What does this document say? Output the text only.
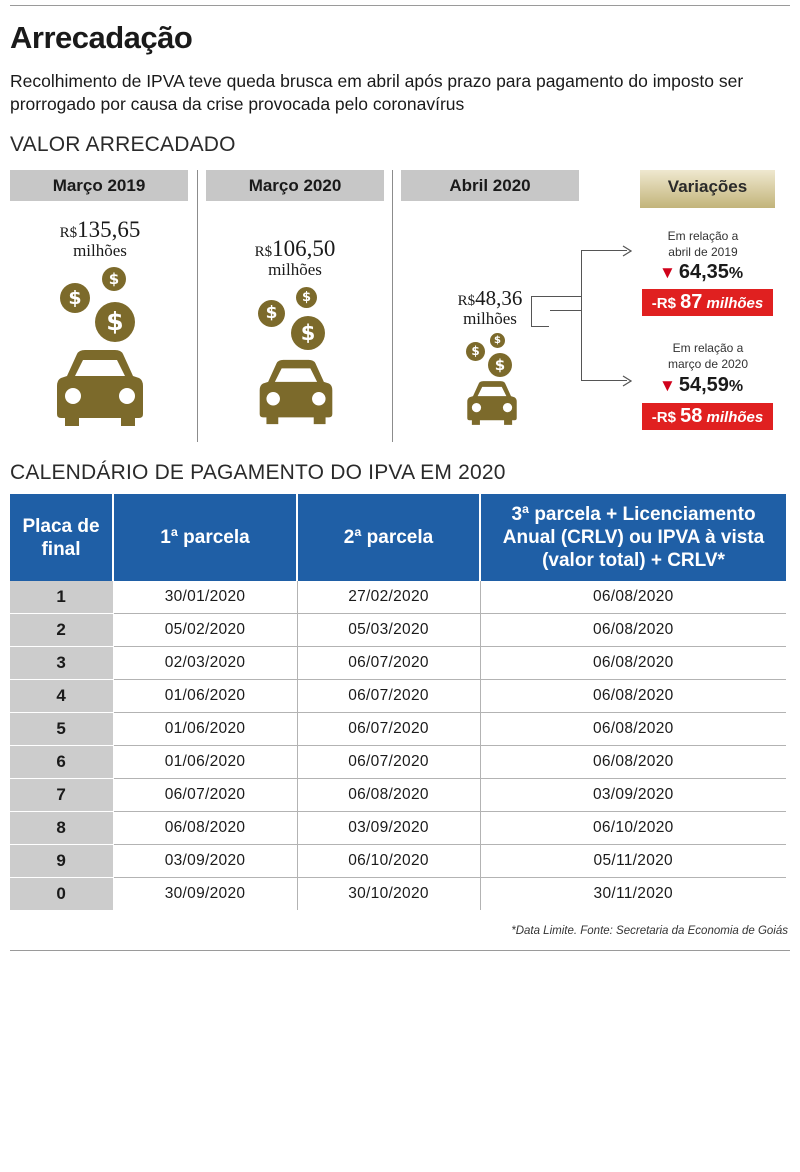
Arrecadação
Recolhimento de IPVA teve queda brusca em abril após prazo para pagamento do imposto ser prorrogado por causa da crise provocada pelo coronavírus
VALOR ARRECADADO
Março 2019	Março 2020	Abril 2020
R$135,65
milhões
$
$
$
R$106,50
milhões
$
$
$
R$48,36
milhões
$
$
$
Variações
Em relação a abril de 2019
▼ 64,35%
-R$ 87 milhões
Em relação a março de 2020
▼ 54,59%
-R$ 58 milhões
CALENDÁRIO DE PAGAMENTO DO IPVA EM 2020
Placa de final	1ª parcela	2ª parcela	3ª parcela + Licenciamento Anual (CRLV) ou IPVA à vista (valor total) + CRLV*
1	30/01/2020	27/02/2020	06/08/2020
2	05/02/2020	05/03/2020	06/08/2020
3	02/03/2020	06/07/2020	06/08/2020
4	01/06/2020	06/07/2020	06/08/2020
5	01/06/2020	06/07/2020	06/08/2020
6	01/06/2020	06/07/2020	06/08/2020
7	06/07/2020	06/08/2020	03/09/2020
8	06/08/2020	03/09/2020	06/10/2020
9	03/09/2020	06/10/2020	05/11/2020
0	30/09/2020	30/10/2020	30/11/2020
*Data Limite. Fonte: Secretaria da Economia de Goiás
